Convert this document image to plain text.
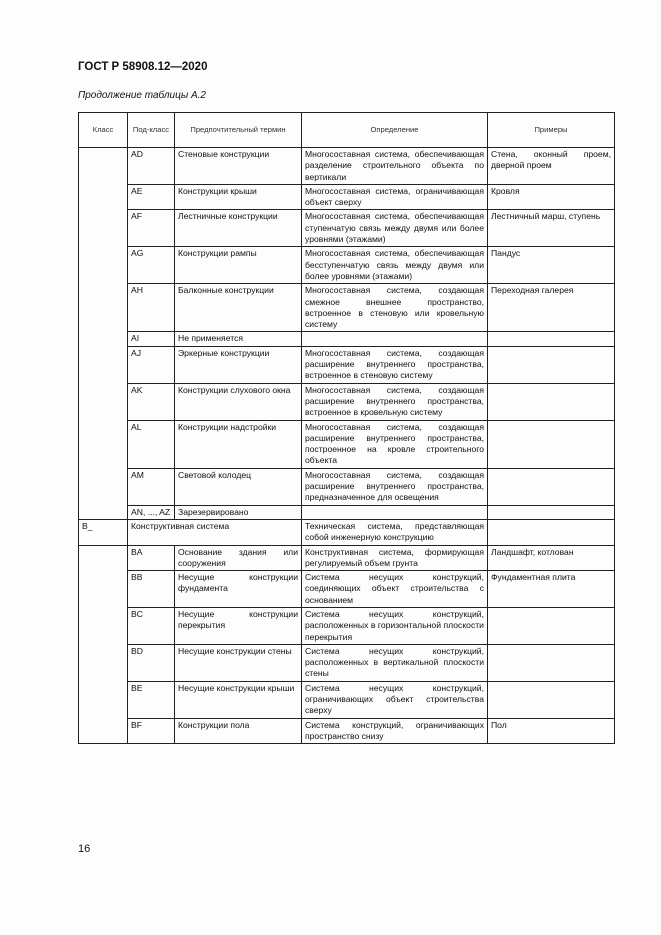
ГОСТ Р 58908.12—2020
Продолжение таблицы А.2
Класс	Под-класс	Предпочтительный термин	Определение	Примеры
	AD	Стеновые конструкции	Многосоставная система, обеспечивающая разделение строительного объекта по вертикали	Стена, оконный проем, дверной проем
	AE	Конструкции крыши	Многосоставная система, ограничивающая объект сверху	Кровля
	AF	Лестничные конструкции	Многосоставная система, обеспечивающая ступенчатую связь между двумя или более уровнями (этажами)	Лестничный марш, ступень
	AG	Конструкции рампы	Многосоставная система, обеспечивающая бесступенчатую связь между двумя или более уровнями (этажами)	Пандус
	AH	Балконные конструкции	Многосоставная система, создающая смежное внешнее пространство, встроенное в стеновую или кровельную систему	Переходная галерея
	AI	Не применяется		
	AJ	Эркерные конструкции	Многосоставная система, создающая расширение внутреннего пространства, встроенное в стеновую систему	
	AK	Конструкции слухового окна	Многосоставная система, создающая расширение внутреннего пространства, встроенное в кровельную систему	
	AL	Конструкции надстройки	Многосоставная система, создающая расширение внутреннего пространства, построенное на кровле строительного объекта	
	AM	Световой колодец	Многосоставная система, создающая расширение внутреннего пространства, предназначенное для освещения	
	AN, ..., AZ	Зарезервировано		
B_	Конструктивная система		Техническая система, представляющая собой инженерную конструкцию	
	BA	Основание здания или сооружения	Конструктивная система, формирующая регулируемый объем грунта	Ландшафт, котлован
	BB	Несущие конструкции фундамента	Система несущих конструкций, соединяющих объект строительства с основанием	Фундаментная плита
	BC	Несущие конструкции перекрытия	Система несущих конструкций, расположенных в горизонтальной плоскости перекрытия	
	BD	Несущие конструкции стены	Система несущих конструкций, расположенных в вертикальной плоскости стены	
	BE	Несущие конструкции крыши	Система несущих конструкций, ограничивающих объект строительства сверху	
	BF	Конструкции пола	Система конструкций, ограничивающих пространство снизу	Пол
16
